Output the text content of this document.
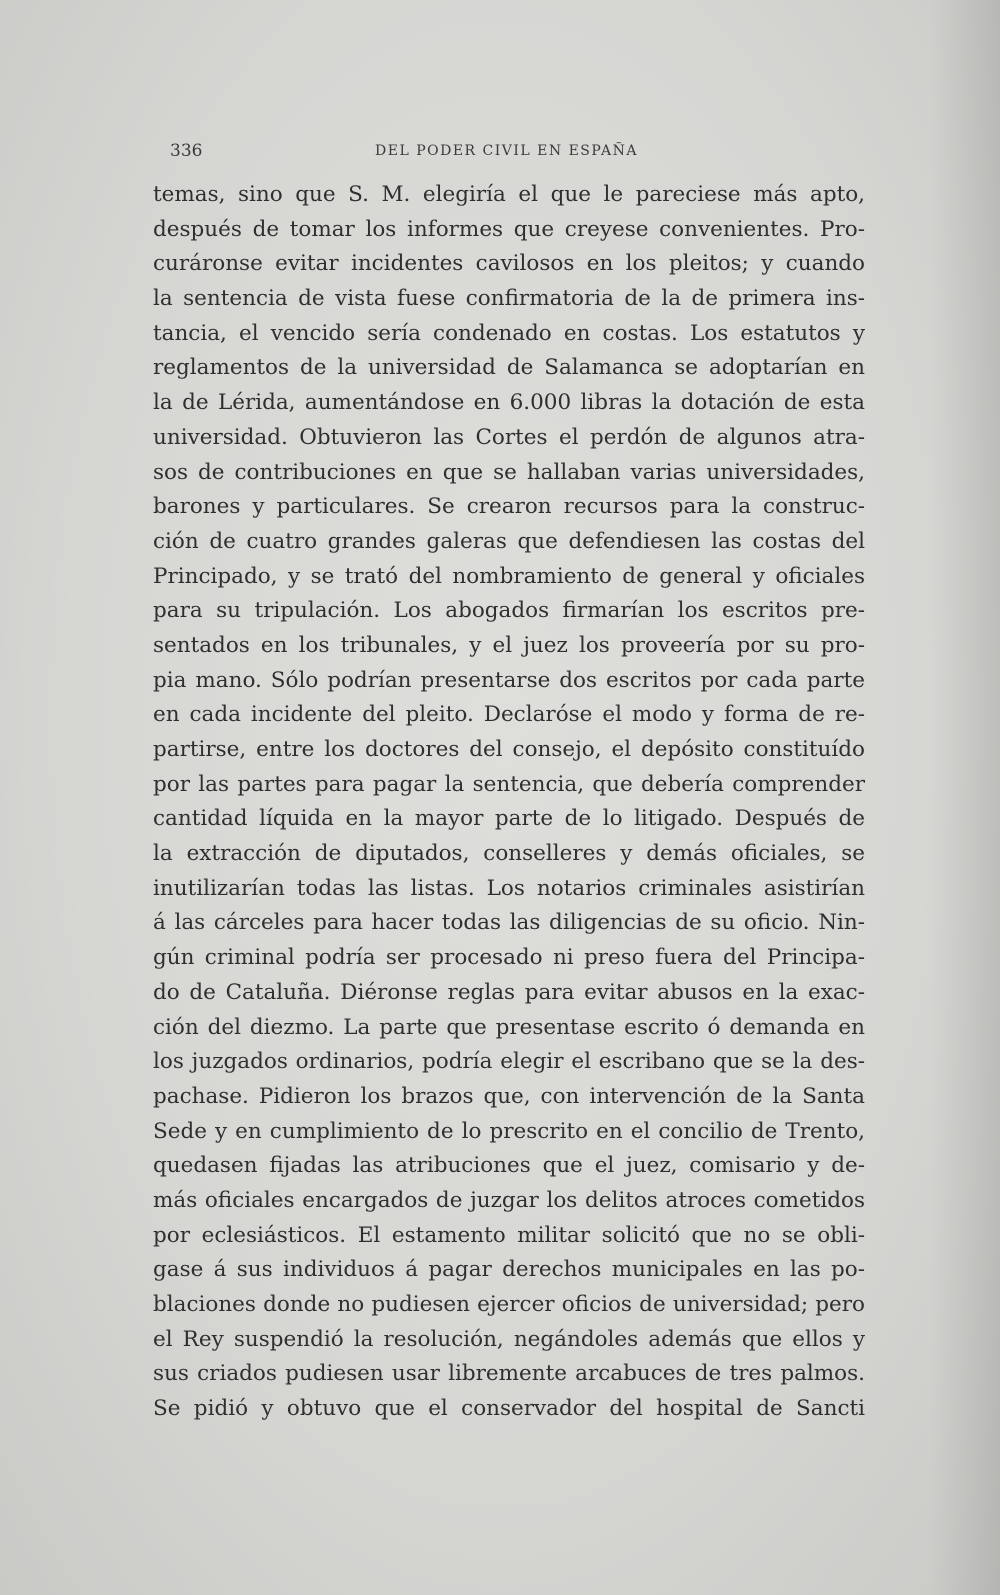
336	DEL PODER CIVIL EN ESPAÑA
temas, sino que S. M. elegiría el que le pareciese más apto,
después de tomar los informes que creyese convenientes. Pro-
curáronse evitar incidentes cavilosos en los pleitos; y cuando
la sentencia de vista fuese confirmatoria de la de primera ins-
tancia, el vencido sería condenado en costas. Los estatutos y
reglamentos de la universidad de Salamanca se adoptarían en
la de Lérida, aumentándose en 6.000 libras la dotación de esta
universidad. Obtuvieron las Cortes el perdón de algunos atra-
sos de contribuciones en que se hallaban varias universidades,
barones y particulares. Se crearon recursos para la construc-
ción de cuatro grandes galeras que defendiesen las costas del
Principado, y se trató del nombramiento de general y oficiales
para su tripulación. Los abogados firmarían los escritos pre-
sentados en los tribunales, y el juez los proveería por su pro-
pia mano. Sólo podrían presentarse dos escritos por cada parte
en cada incidente del pleito. Declaróse el modo y forma de re-
partirse, entre los doctores del consejo, el depósito constituído
por las partes para pagar la sentencia, que debería comprender
cantidad líquida en la mayor parte de lo litigado. Después de
la extracción de diputados, conselleres y demás oficiales, se
inutilizarían todas las listas. Los notarios criminales asistirían
á las cárceles para hacer todas las diligencias de su oficio. Nin-
gún criminal podría ser procesado ni preso fuera del Principa-
do de Cataluña. Diéronse reglas para evitar abusos en la exac-
ción del diezmo. La parte que presentase escrito ó demanda en
los juzgados ordinarios, podría elegir el escribano que se la des-
pachase. Pidieron los brazos que, con intervención de la Santa
Sede y en cumplimiento de lo prescrito en el concilio de Trento,
quedasen fijadas las atribuciones que el juez, comisario y de-
más oficiales encargados de juzgar los delitos atroces cometidos
por eclesiásticos. El estamento militar solicitó que no se obli-
gase á sus individuos á pagar derechos municipales en las po-
blaciones donde no pudiesen ejercer oficios de universidad; pero
el Rey suspendió la resolución, negándoles además que ellos y
sus criados pudiesen usar libremente arcabuces de tres palmos.
Se pidió y obtuvo que el conservador del hospital de Sancti
